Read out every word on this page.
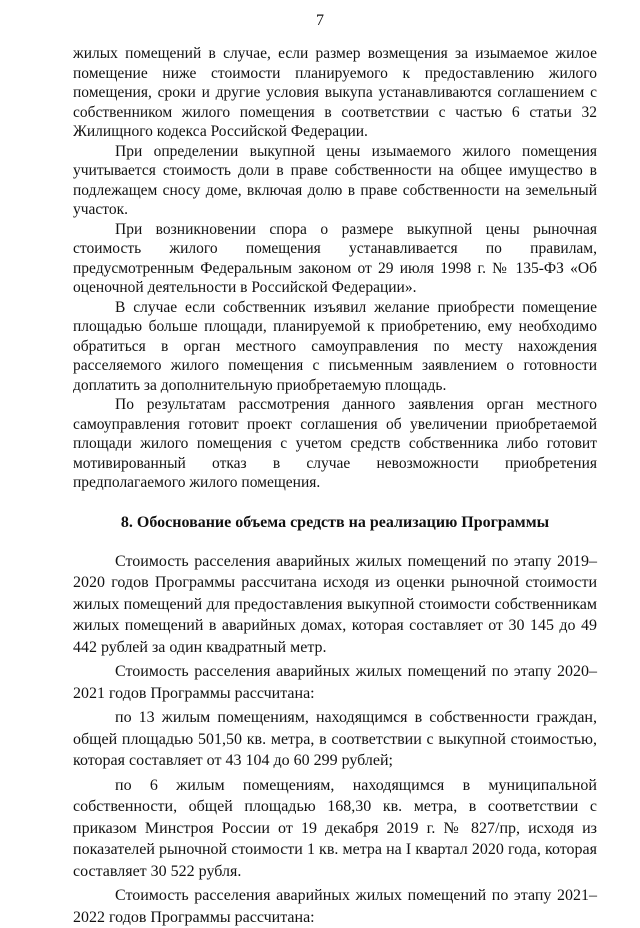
7

жилых помещений в случае, если размер возмещения за изымаемое жилое помещение ниже стоимости планируемого к предоставлению жилого помещения, сроки и другие условия выкупа устанавливаются соглашением с собственником жилого помещения в соответствии с частью 6 статьи 32 Жилищного кодекса Российской Федерации.

При определении выкупной цены изымаемого жилого помещения учитывается стоимость доли в праве собственности на общее имущество в подлежащем сносу доме, включая долю в праве собственности на земельный участок.

При возникновении спора о размере выкупной цены рыночная стоимость жилого помещения устанавливается по правилам, предусмотренным Федеральным законом от 29 июля 1998 г. № 135-ФЗ «Об оценочной деятельности в Российской Федерации».

В случае если собственник изъявил желание приобрести помещение площадью больше площади, планируемой к приобретению, ему необходимо обратиться в орган местного самоуправления по месту нахождения расселяемого жилого помещения с письменным заявлением о готовности доплатить за дополнительную приобретаемую площадь.

По результатам рассмотрения данного заявления орган местного самоуправления готовит проект соглашения об увеличении приобретаемой площади жилого помещения с учетом средств собственника либо готовит мотивированный отказ в случае невозможности приобретения предполагаемого жилого помещения.

8. Обоснование объема средств на реализацию Программы

Стоимость расселения аварийных жилых помещений по этапу 2019–2020 годов Программы рассчитана исходя из оценки рыночной стоимости жилых помещений для предоставления выкупной стоимости собственникам жилых помещений в аварийных домах, которая составляет от 30 145 до 49 442 рублей за один квадратный метр.

Стоимость расселения аварийных жилых помещений по этапу 2020–2021 годов Программы рассчитана:

по 13 жилым помещениям, находящимся в собственности граждан, общей площадью 501,50 кв. метра, в соответствии с выкупной стоимостью, которая составляет от 43 104 до 60 299 рублей;

по 6 жилым помещениям, находящимся в муниципальной собственности, общей площадью 168,30 кв. метра, в соответствии с приказом Минстроя России от 19 декабря 2019 г. № 827/пр, исходя из показателей рыночной стоимости 1 кв. метра на I квартал 2020 года, которая составляет 30 522 рубля.

Стоимость расселения аварийных жилых помещений по этапу 2021–2022 годов Программы рассчитана:
